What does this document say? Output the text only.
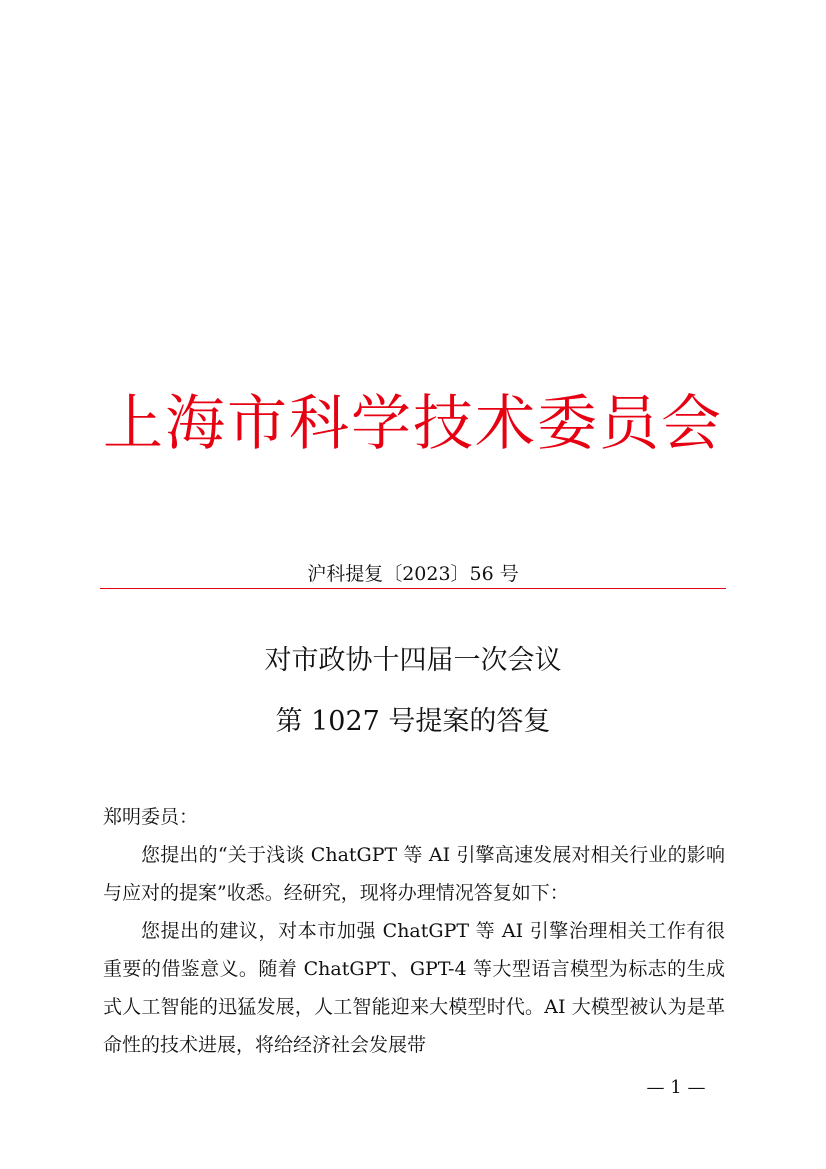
上海市科学技术委员会
沪科提复〔2023〕56 号
对市政协十四届一次会议
第 1027 号提案的答复
郑明委员：

您提出的“关于浅谈 ChatGPT 等 AI 引擎高速发展对相关行业的影响与应对的提案”收悉。经研究，现将办理情况答复如下：

您提出的建议，对本市加强 ChatGPT 等 AI 引擎治理相关工作有很重要的借鉴意义。随着 ChatGPT、GPT-4 等大型语言模型为标志的生成式人工智能的迅猛发展，人工智能迎来大模型时代。AI 大模型被认为是革命性的技术进展，将给经济社会发展带

— 1 —
